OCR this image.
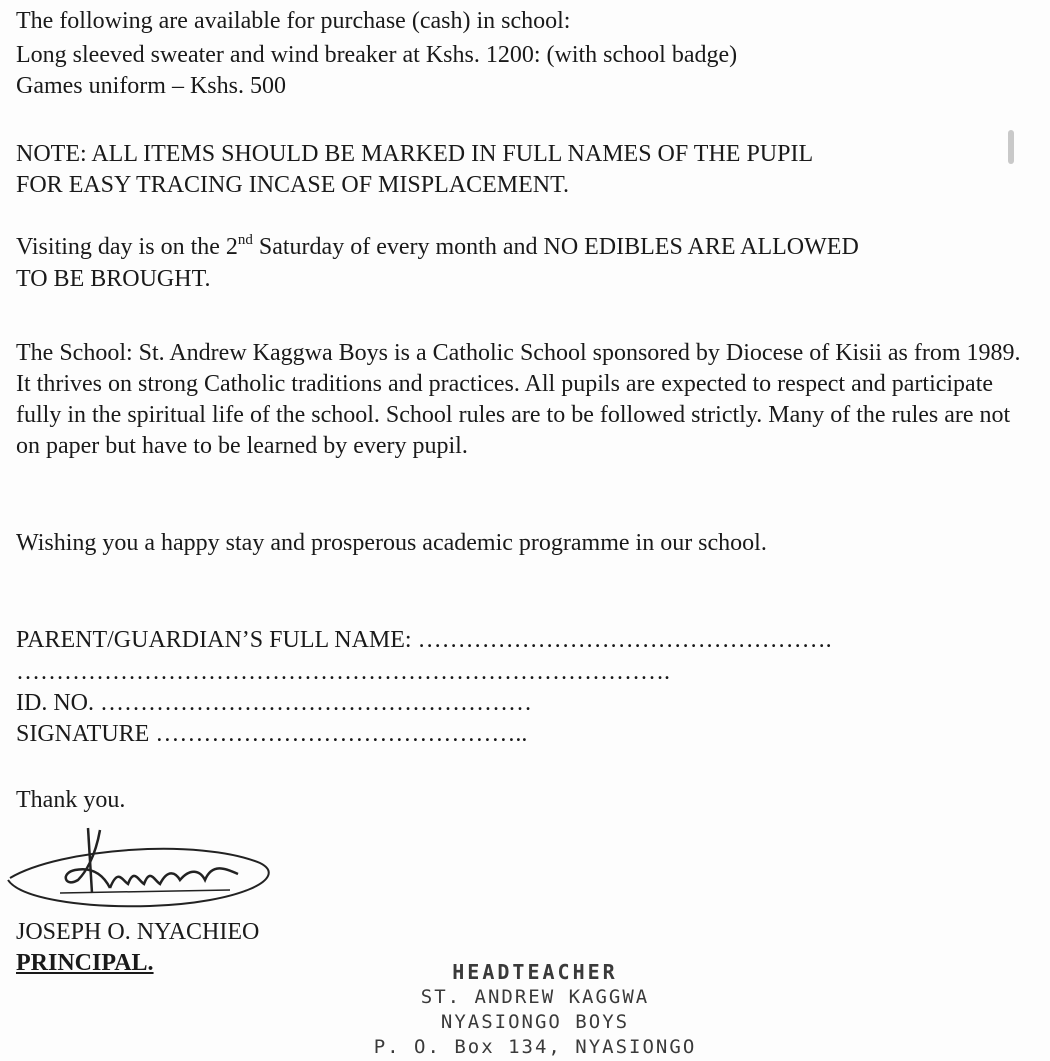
The following are available for purchase (cash) in school:
Long sleeved sweater and wind breaker at Kshs. 1200: (with school badge)
Games uniform – Kshs. 500
NOTE: ALL ITEMS SHOULD BE MARKED IN FULL NAMES OF THE PUPIL
FOR EASY TRACING INCASE OF MISPLACEMENT.
Visiting day is on the 2nd Saturday of every month and NO EDIBLES ARE ALLOWED
TO BE BROUGHT.
The School: St. Andrew Kaggwa Boys is a Catholic School sponsored by Diocese of Kisii as from 1989. It thrives on strong Catholic traditions and practices. All pupils are expected to respect and participate fully in the spiritual life of the school. School rules are to be followed strictly. Many of the rules are not on paper but have to be learned by every pupil.
Wishing you a happy stay and prosperous academic programme in our school.
PARENT/GUARDIAN’S FULL NAME: …………………………………………….
……………………………………………………………………….
ID. NO. ………………………………………………
SIGNATURE ………………………………………..
Thank you.
JOSEPH O. NYACHIEO
PRINCIPAL.	HEADTEACHER
ST. ANDREW KAGGWA
NYASIONGO BOYS
P. O. Box 134, NYASIONGO
